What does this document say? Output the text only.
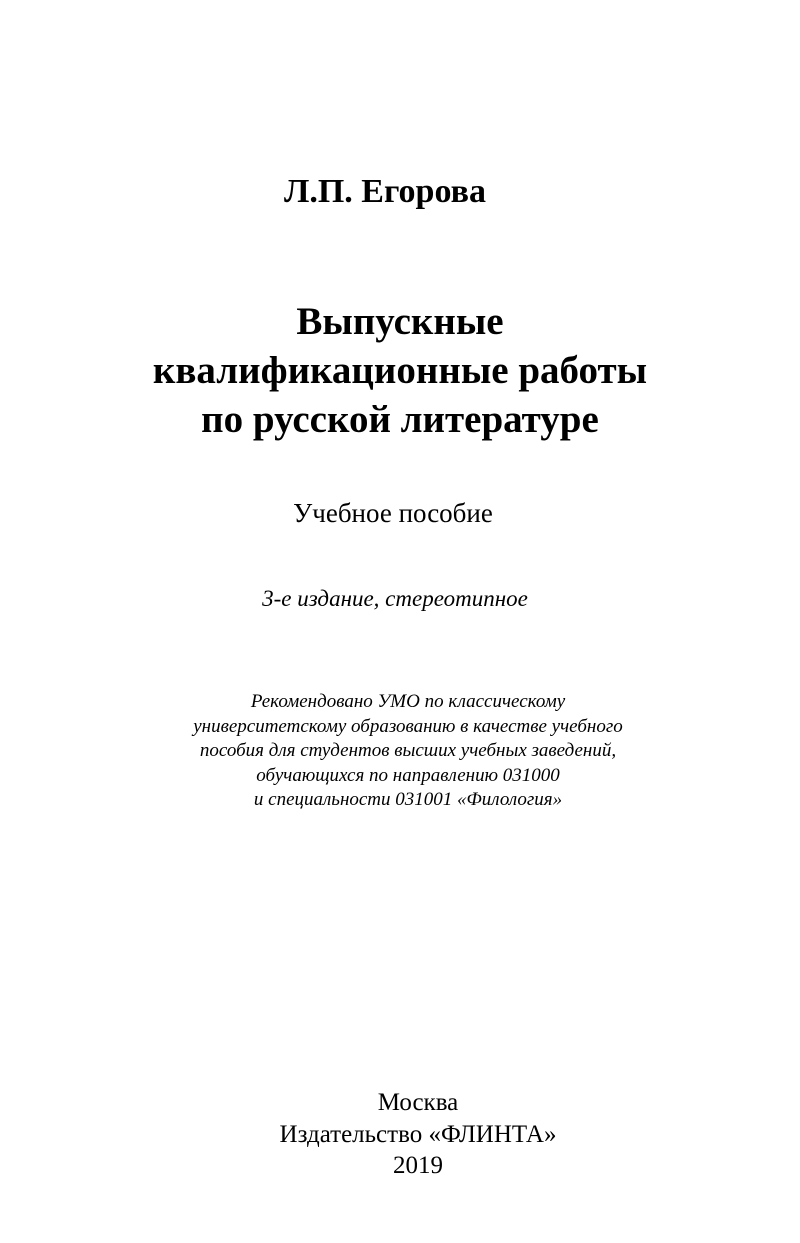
Л.П. Егорова
Выпускные
квалификационные работы
по русской литературе

Учебное пособие

3-е издание, стереотипное

Рекомендовано УМО по классическому
университетскому образованию в качестве учебного
пособия для студентов высших учебных заведений,
обучающихся по направлению 031000
и специальности 031001 «Филология»

Москва
Издательство «ФЛИНТА»
2019
